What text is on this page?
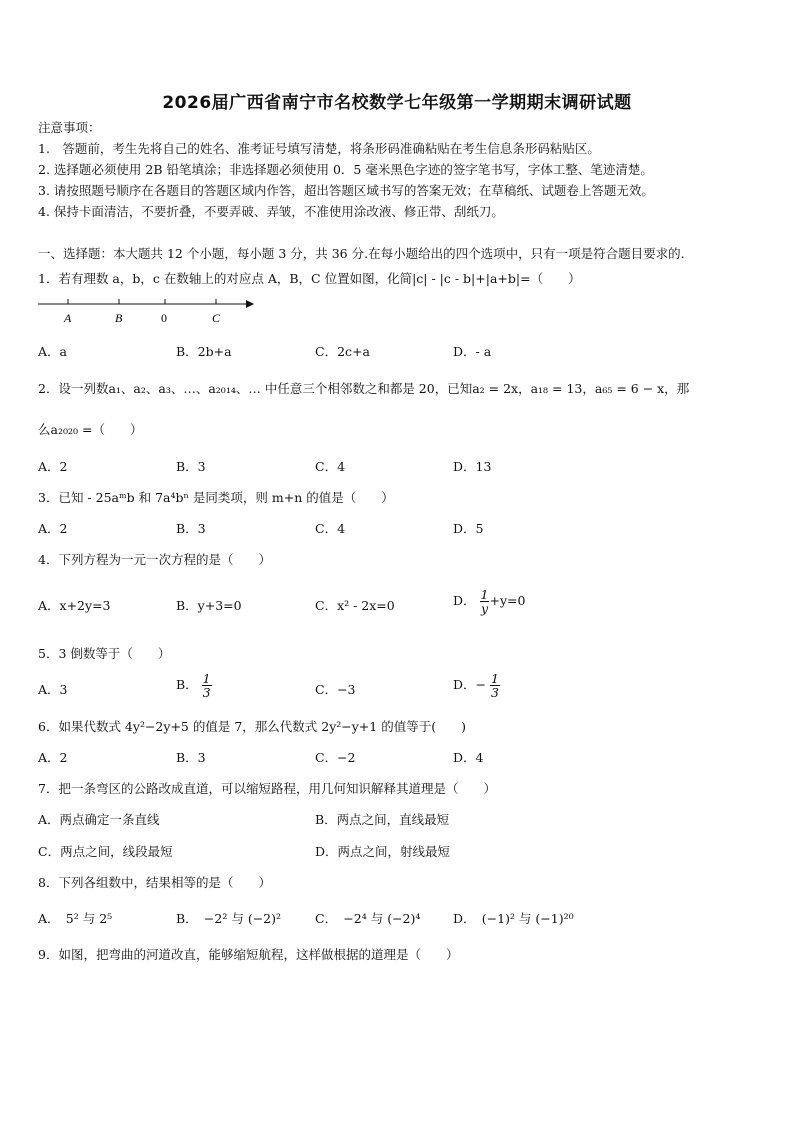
2026届广西省南宁市名校数学七年级第一学期期末调研试题
注意事项：
1.　答题前，考生先将自己的姓名、准考证号填写清楚，将条形码准确粘贴在考生信息条形码粘贴区。
2. 选择题必须使用 2B 铅笔填涂；非选择题必须使用 0．5 毫米黑色字迹的签字笔书写，字体工整、笔迹清楚。
3. 请按照题号顺序在各题目的答题区域内作答，超出答题区域书写的答案无效；在草稿纸、试题卷上答题无效。
4. 保持卡面清洁，不要折叠，不要弄破、弄皱，不准使用涂改液、修正带、刮纸刀。
一、选择题：本大题共 12 个小题，每小题 3 分，共 36 分.在每小题给出的四个选项中，只有一项是符合题目要求的.
1．若有理数 a，b，c 在数轴上的对应点 A，B，C 位置如图，化简|c| - |c - b|+|a+b|=（　　）
A	B	0	C
A．a	B．2b+a	C．2c+a	D．- a
2．设一列数a₁、a₂、a₃、…、a₂₀₁₄、… 中任意三个相邻数之和都是 20，已知a₂ = 2x，a₁₈ = 13，a₆₅ = 6 − x，那
么a₂₀₂₀ =（　　）
A．2	B．3	C．4	D．13
3．已知 - 25aᵐb 和 7a⁴bⁿ 是同类项，则 m+n 的值是（　　）
A．2	B．3	C．4	D．5
4．下列方程为一元一次方程的是（　　）
A．x+2y=3	B．y+3=0	C．x² - 2x=0	D． $\frac{1}{y} +y=0$
5．3 倒数等于（　　）
A．3	B． $\frac{1}{3}$	C．−3	D．− $\frac{1}{3}$
6．如果代数式 4y²−2y+5 的值是 7，那么代数式 2y²−y+1 的值等于(　　)
A．2	B．3	C．−2	D．4
7．把一条弯区的公路改成直道，可以缩短路程，用几何知识解释其道理是（　　）
A．两点确定一条直线	B．两点之间，直线最短
C．两点之间，线段最短	D．两点之间，射线最短
8．下列各组数中，结果相等的是（　　）
A．　5² 与 2⁵	B．　−2² 与 (−2)²	C．　−2⁴ 与 (−2)⁴	D．　(−1)² 与 (−1)²⁰
9．如图，把弯曲的河道改直，能够缩短航程，这样做根据的道理是（　　）
